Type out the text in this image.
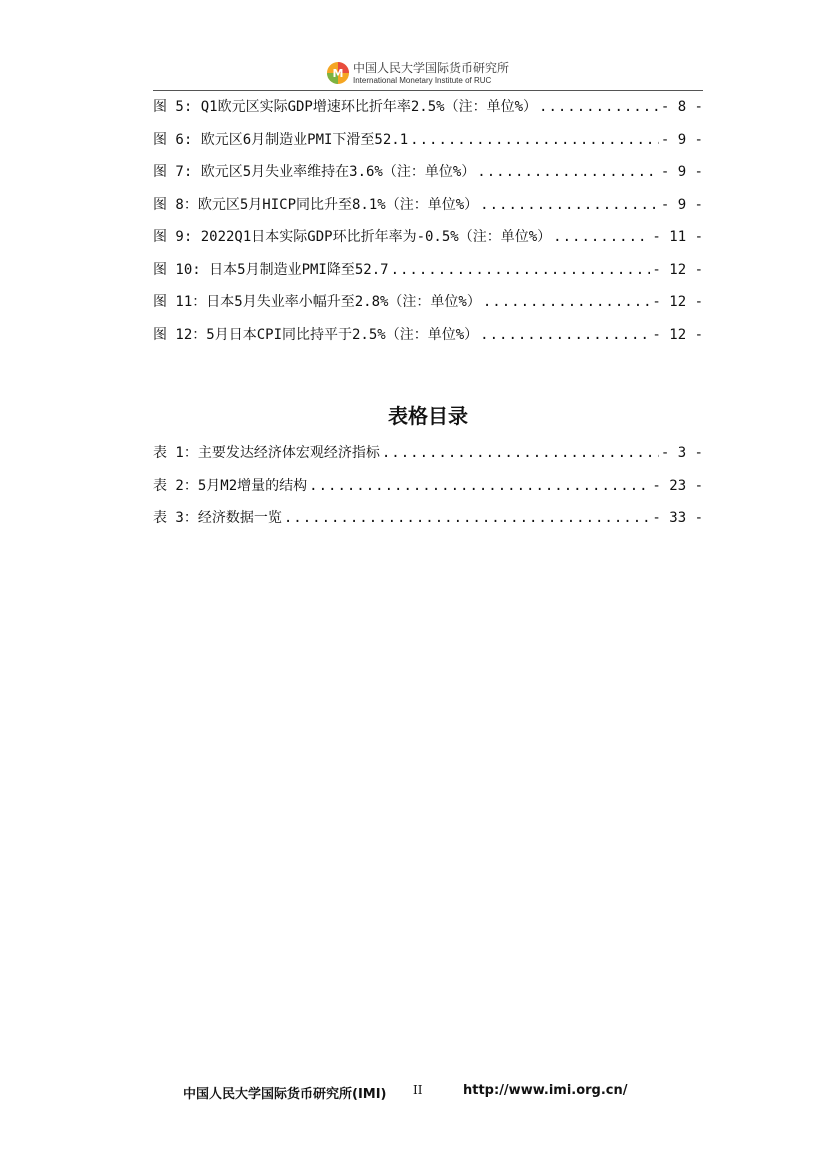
M 中国人民大学国际货币研究所
International Monetary Institute of RUC
图 5: Q1欧元区实际GDP增速环比折年率2.5%（注：单位%） .....	- 8 -
图 6: 欧元区6月制造业PMI下滑至52.1 .....	- 9 -
图 7: 欧元区5月失业率维持在3.6%（注：单位%） .....	- 9 -
图 8：欧元区5月HICP同比升至8.1%（注：单位%） .....	- 9 -
图 9: 2022Q1日本实际GDP环比折年率为-0.5%（注：单位%） .....	- 11 -
图 10: 日本5月制造业PMI降至52.7 .....	- 12 -
图 11：日本5月失业率小幅升至2.8%（注：单位%） .....	- 12 -
图 12：5月日本CPI同比持平于2.5%（注：单位%） .....	- 12 -
表格目录
表 1：主要发达经济体宏观经济指标 .....	- 3 -
表 2：5月M2增量的结构 .....	- 23 -
表 3：经济数据一览 .....	- 33 -
中国人民大学国际货币研究所(IMI) II	http://www.imi.org.cn/
